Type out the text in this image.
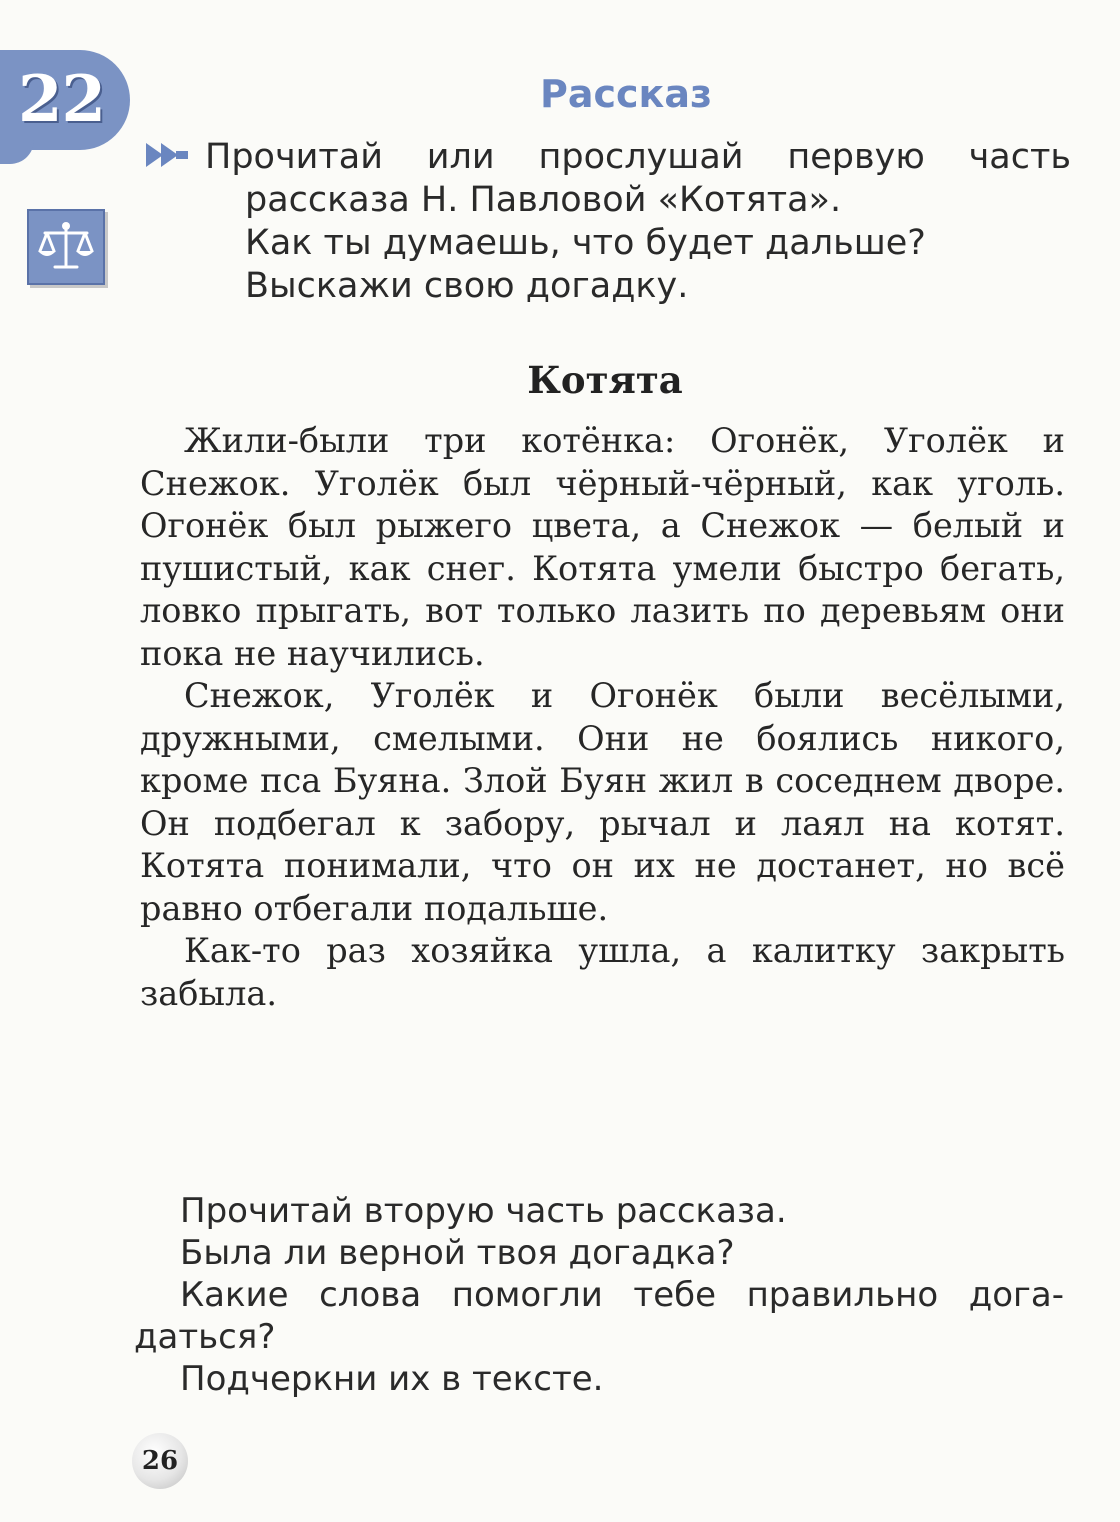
22	Рассказ
Прочитай или прослушай первую часть
рассказа Н. Павловой «Котята».
Как ты думаешь, что будет дальше?
Выскажи свою догадку.
Котята

Жили-были три котёнка: Огонёк, Уголёк и Снежок. Уголёк был чёрный-чёрный, как уголь. Огонёк был рыжего цвета, а Снежок — белый и пушистый, как снег. Котята умели быстро бегать, ловко прыгать, вот только лазить по деревьям они пока не научились.

Снежок, Уголёк и Огонёк были весёлыми, дружными, смелыми. Они не боялись никого, кроме пса Буяна. Злой Буян жил в соседнем дворе. Он подбегал к забору, рычал и лаял на котят. Котята понимали, что он их не достанет, но всё равно отбегали подальше.

Как-то раз хозяйка ушла, а калитку закрыть забыла.

Прочитай вторую часть рассказа.

Была ли верной твоя догадка?

Какие слова помогли тебе правильно догадаться?

Подчеркни их в тексте.

26
